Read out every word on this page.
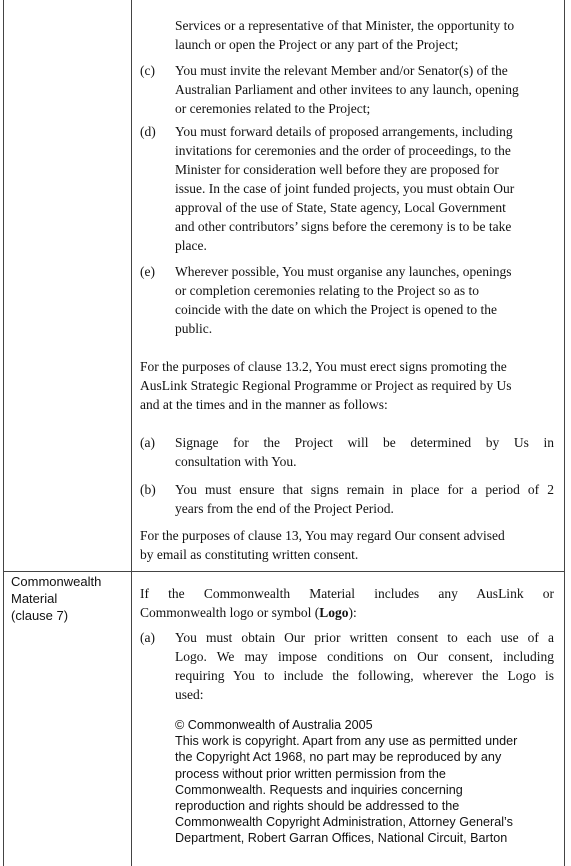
Services or a representative of that Minister, the opportunity to
launch or open the Project or any part of the Project;
(c) You must invite the relevant Member and/or Senator(s) of the
Australian Parliament and other invitees to any launch, opening
or ceremonies related to the Project;
(d) You must forward details of proposed arrangements, including
invitations for ceremonies and the order of proceedings, to the
Minister for consideration well before they are proposed for
issue. In the case of joint funded projects, you must obtain Our
approval of the use of State, State agency, Local Government
and other contributors’ signs before the ceremony is to be take
place.
(e) Wherever possible, You must organise any launches, openings
or completion ceremonies relating to the Project so as to
coincide with the date on which the Project is opened to the
public.
For the purposes of clause 13.2, You must erect signs promoting the
AusLink Strategic Regional Programme or Project as required by Us
and at the times and in the manner as follows:
(a) Signage for the Project will be determined by Us in
consultation with You.
(b) You must ensure that signs remain in place for a period of 2
years from the end of the Project Period.
For the purposes of clause 13, You may regard Our consent advised
by email as constituting written consent.
Commonwealth
Material
(clause 7)
If the Commonwealth Material includes any AusLink or
Commonwealth logo or symbol (Logo):
(a) You must obtain Our prior written consent to each use of a
Logo. We may impose conditions on Our consent, including
requiring You to include the following, wherever the Logo is
used:
© Commonwealth of Australia 2005
This work is copyright. Apart from any use as permitted under
the Copyright Act 1968, no part may be reproduced by any
process without prior written permission from the
Commonwealth. Requests and inquiries concerning
reproduction and rights should be addressed to the
Commonwealth Copyright Administration, Attorney General’s
Department, Robert Garran Offices, National Circuit, Barton
